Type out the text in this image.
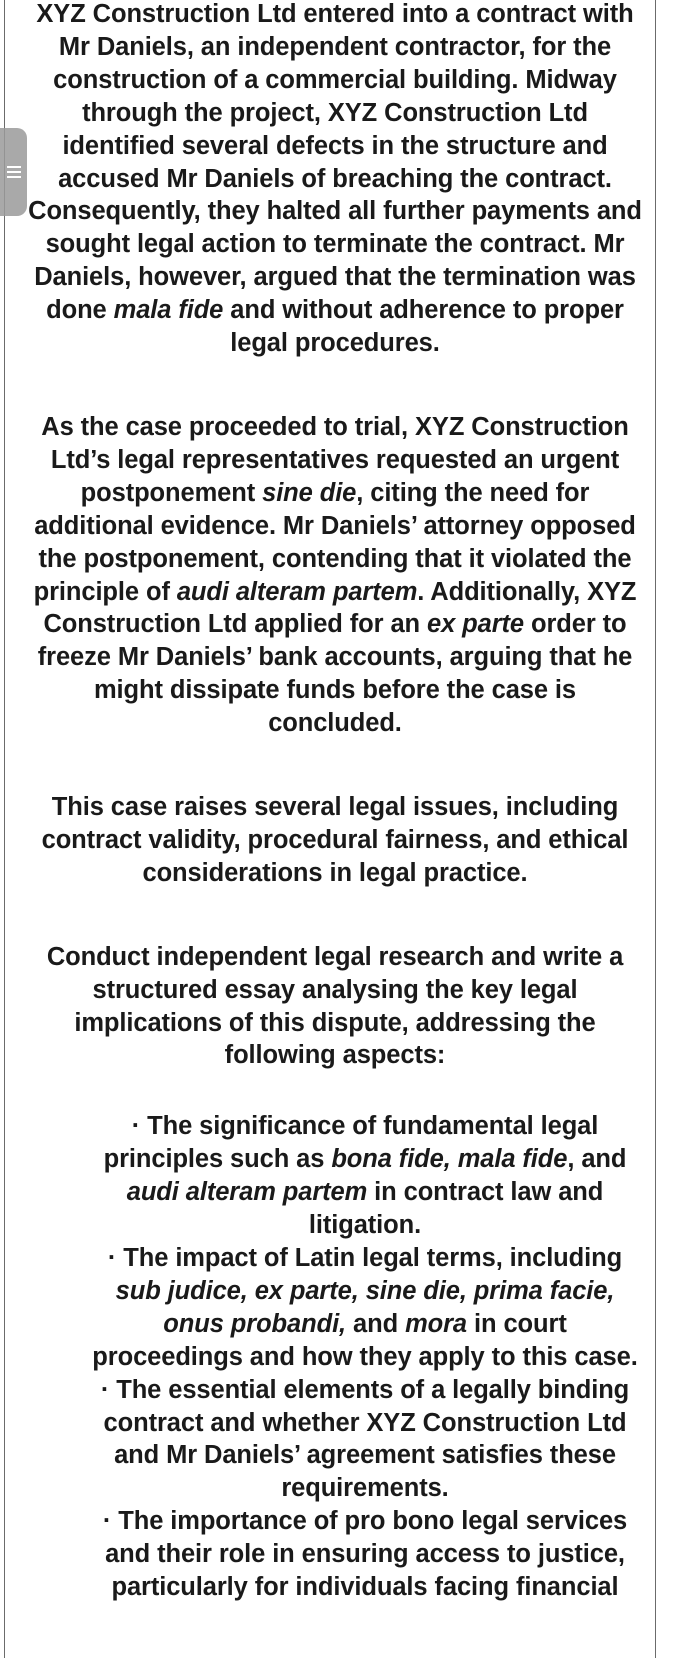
XYZ Construction Ltd entered into a contract with Mr Daniels, an independent contractor, for the construction of a commercial building. Midway through the project, XYZ Construction Ltd identified several defects in the structure and accused Mr Daniels of breaching the contract. Consequently, they halted all further payments and sought legal action to terminate the contract. Mr Daniels, however, argued that the termination was done mala fide and without adherence to proper legal procedures.

As the case proceeded to trial, XYZ Construction Ltd’s legal representatives requested an urgent postponement sine die, citing the need for additional evidence. Mr Daniels’ attorney opposed the postponement, contending that it violated the principle of audi alteram partem. Additionally, XYZ Construction Ltd applied for an ex parte order to freeze Mr Daniels’ bank accounts, arguing that he might dissipate funds before the case is concluded.

This case raises several legal issues, including contract validity, procedural fairness, and ethical considerations in legal practice.

Conduct independent legal research and write a structured essay analysing the key legal implications of this dispute, addressing the following aspects:

· The significance of fundamental legal principles such as bona fide, mala fide, and audi alteram partem in contract law and litigation.
· The impact of Latin legal terms, including sub judice, ex parte, sine die, prima facie, onus probandi, and mora in court proceedings and how they apply to this case.
· The essential elements of a legally binding contract and whether XYZ Construction Ltd and Mr Daniels’ agreement satisfies these requirements.
· The importance of pro bono legal services and their role in ensuring access to justice, particularly for individuals facing financial
